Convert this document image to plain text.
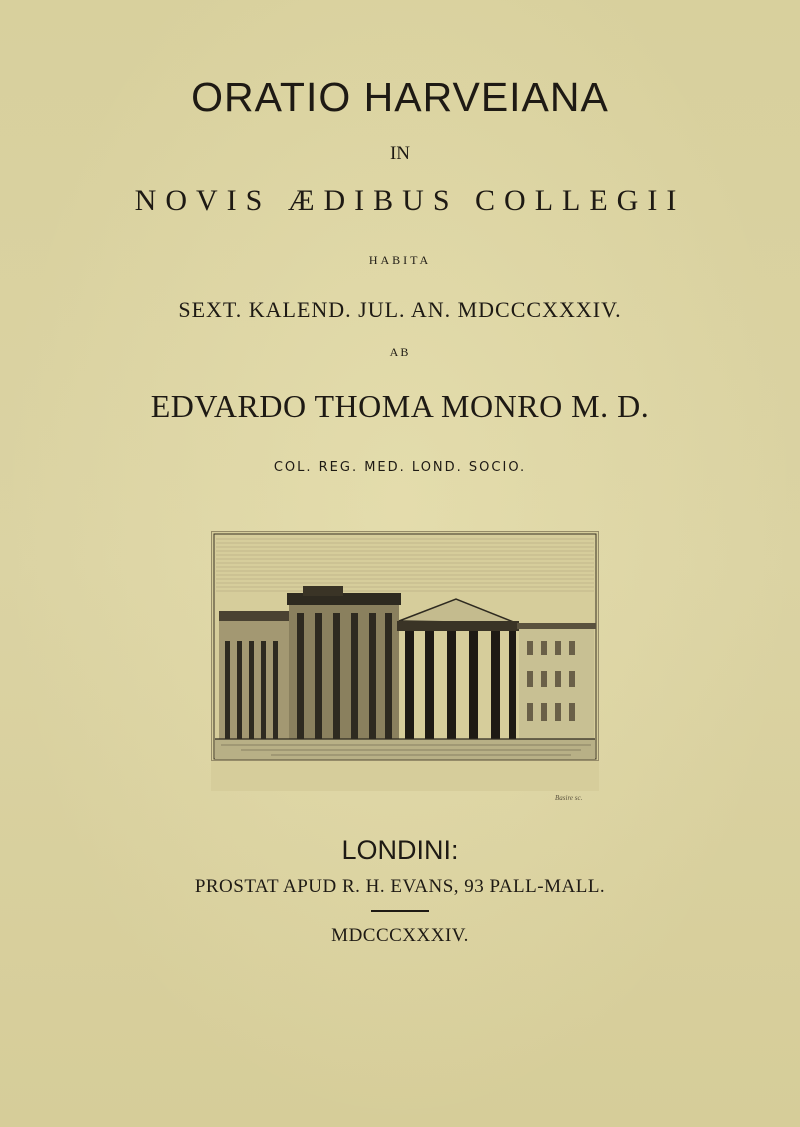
ORATIO HARVEIANA
IN
NOVIS ÆDIBUS COLLEGII
HABITA
SEXT. KALEND. JUL. AN. MDCCCXXXIV.
AB
EDVARDO THOMA MONRO M. D.
COL. REG. MED. LOND. SOCIO.
Basire sc.
LONDINI:
PROSTAT APUD R. H. EVANS, 93 PALL-MALL.
MDCCCXXXIV.
